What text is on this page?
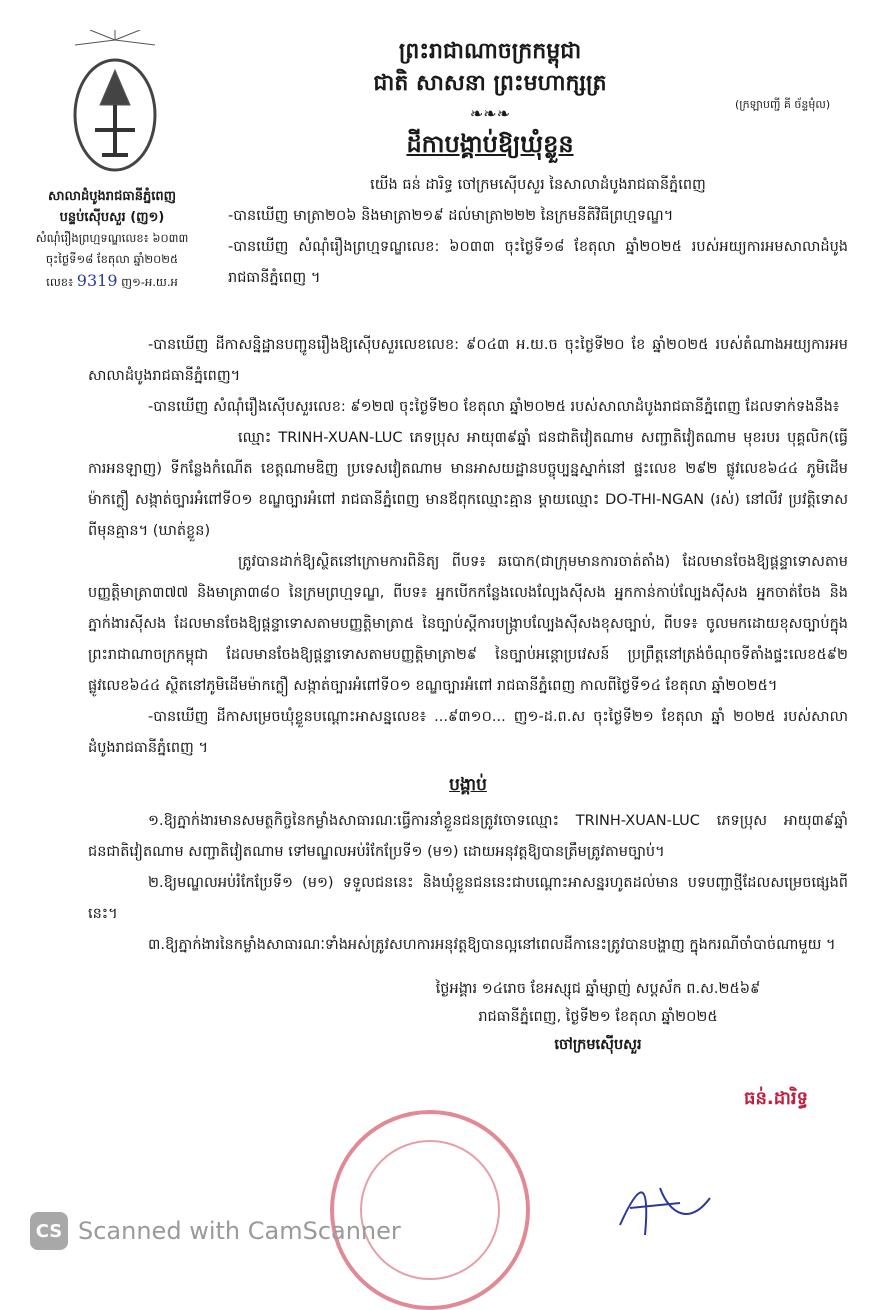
សាលាដំបូងរាជធានីភ្នំពេញ
បន្ទប់ស៊ើបសួរ (ញ១)
សំណុំរឿងព្រហ្មទណ្ឌលេខ៖ ៦០៣៣
ចុះថ្ងៃទី១៨ ខែតុលា ឆ្នាំ២០២៥
លេខ៖ 9319 ញ១-អ.យ.អ
ព្រះរាជាណាចក្រកម្ពុជា
ជាតិ សាសនា ព្រះមហាក្សត្រ
❧❧❧	(ក្រឡាបញ្ជី គី ច័ន្ទមុំល)
ដីកាបង្គាប់ឱ្យឃុំខ្លួន

យើង ធន់ ដារិទ្ធ ចៅក្រមស៊ើបសួរ នៃសាលាដំបូងរាជធានីភ្នំពេញ

-បានឃើញ មាត្រា២០៦ និងមាត្រា២១៩ ដល់មាត្រា២២២ នៃក្រមនីតិវិធីព្រហ្មទណ្ឌ។

-បានឃើញ សំណុំរឿងព្រហ្មទណ្ឌលេខ: ៦០៣៣ ចុះថ្ងៃទី១៨ ខែតុលា ឆ្នាំ២០២៥ របស់អយ្យការអមសាលាដំបូងរាជធានីភ្នំពេញ ។

-បានឃើញ ដីកាសន្និដ្ឋានបញ្ជូនរឿងឱ្យស៊ើបសួរលេខលេខ: ៩០៤៣ អ.យ.ច ចុះថ្ងៃទី២០ ខែ ឆ្នាំ២០២៥ របស់តំណាងអយ្យការអមសាលាដំបូងរាជធានីភ្នំពេញ។

-បានឃើញ សំណុំរឿងស៊ើបសួរលេខ: ៩១២៧ ចុះថ្ងៃទី២០ ខែតុលា ឆ្នាំ២០២៥ របស់សាលាដំបូងរាជធានីភ្នំពេញ ដែលទាក់ទងនឹង៖

ឈ្មោះ TRINH-XUAN-LUC ភេទប្រុស អាយុ៣៩ឆ្នាំ ជនជាតិវៀតណាម សញ្ជាតិវៀតណាម មុខរបរ បុគ្គលិក(ធ្វើការអនឡាញ) ទីកន្លែងកំណើត ខេត្តណាមឌិញ ប្រទេសវៀតណាម មានអាសយដ្ឋានបច្ចុប្បន្នស្នាក់នៅ ផ្ទះលេខ ២៩២ ផ្លូវលេខ៦៤៤ ភូមិដើមម៉ាកក្លឿ សង្កាត់ច្បារអំពៅទី០១ ខណ្ឌច្បារអំពៅ រាជធានីភ្នំពេញ មានឪពុកឈ្មោះគ្មាន ម្តាយឈ្មោះ DO-THI-NGAN (រស់) នៅលីវ ប្រវត្តិទោសពីមុនគ្មាន។ (ឃាត់ខ្លួន)

ត្រូវបានដាក់ឱ្យស្ថិតនៅក្រោមការពិនិត្យ ពីបទ៖ ឆបោក(ជាក្រុមមានការចាត់តាំង) ដែលមានចែងឱ្យផ្តន្ទាទោសតាមបញ្ញត្តិមាត្រា៣៧៧ និងមាត្រា៣៨០ នៃក្រមព្រហ្មទណ្ឌ, ពីបទ៖ អ្នកបើកកន្លែងលេងល្បែងស៊ីសង អ្នកកាន់កាប់ល្បែងស៊ីសង អ្នកចាត់ចែង និងភ្នាក់ងារស៊ីសង ដែលមានចែងឱ្យផ្តន្ទាទោសតាមបញ្ញត្តិមាត្រា៥ នៃច្បាប់ស្តីការបង្ក្រាបល្បែងស៊ីសងខុសច្បាប់, ពីបទ៖ ចូលមកដោយខុសច្បាប់ក្នុងព្រះរាជាណាចក្រកម្ពុជា ដែលមានចែងឱ្យផ្តន្ទាទោសតាមបញ្ញត្តិមាត្រា២៩ នៃច្បាប់អន្តោប្រវេសន៍ ប្រព្រឹត្តនៅត្រង់ចំណុចទីតាំងផ្ទះលេខ៥៩២ ផ្លូវលេខ៦៤៤ ស្ថិតនៅភូមិដើមម៉ាកក្លឿ សង្កាត់ច្បារអំពៅទី០១ ខណ្ឌច្បារអំពៅ រាជធានីភ្នំពេញ កាលពីថ្ងៃទី១៤ ខែតុលា ឆ្នាំ២០២៥។

-បានឃើញ ដីកាសម្រេចឃុំខ្លួនបណ្តោះអាសន្នលេខ៖ ...៩៣១០... ញ១-ដ.ព.ស ចុះថ្ងៃទី២១ ខែតុលា ឆ្នាំ ២០២៥ របស់សាលាដំបូងរាជធានីភ្នំពេញ ។

បង្គាប់

១.ឱ្យភ្នាក់ងារមានសមត្ថកិច្ចនៃកម្លាំងសាធារណៈធ្វើការនាំខ្លួនជនត្រូវចោទឈ្មោះ TRINH-XUAN-LUC ភេទប្រុស អាយុ៣៩ឆ្នាំ ជនជាតិវៀតណាម សញ្ជាតិវៀតណាម ទៅមណ្ឌលអប់រំកែប្រែទី១ (ម១) ដោយអនុវត្តឱ្យបានត្រឹមត្រូវតាមច្បាប់។

២.ឱ្យមណ្ឌលអប់រំកែប្រែទី១ (ម១) ទទួលជននេះ និងឃុំខ្លួនជននេះជាបណ្តោះអាសន្នរហូតដល់មាន បទបញ្ជាថ្មីដែលសម្រេចផ្សេងពីនេះ។

៣.ឱ្យភ្នាក់ងារនៃកម្លាំងសាធារណៈទាំងអស់ត្រូវសហការអនុវត្តឱ្យបានល្អនៅពេលដីកានេះត្រូវបានបង្ហាញ ក្នុងករណីចាំបាច់ណាមួយ ។

ថ្ងៃអង្គារ ១៤រោច ខែអស្សុជ ឆ្នាំម្សាញ់ សប្តស័ក ព.ស.២៥៦៩
រាជធានីភ្នំពេញ, ថ្ងៃទី២១ ខែតុលា ឆ្នាំ២០២៥
ចៅក្រមស៊ើបសួរ
ធន់.ដារិទ្ធ
CS Scanned with CamScanner
